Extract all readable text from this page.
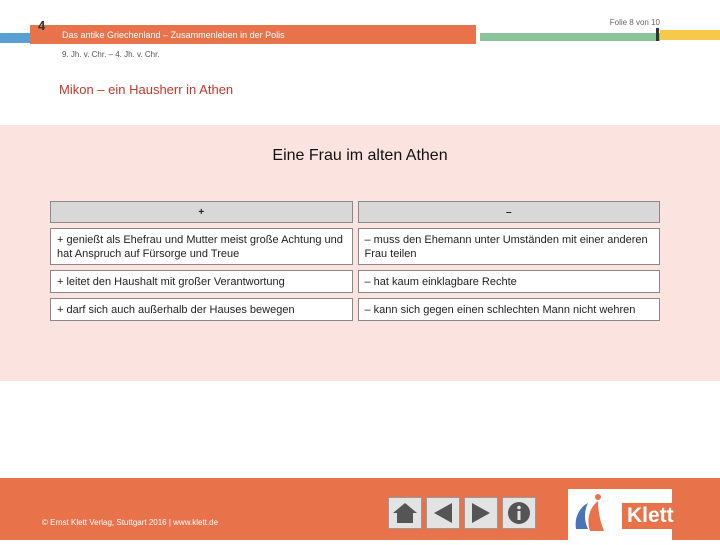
4	Folie 8 von 10
Das antike Griechenland – Zusammenleben in der Polis
9. Jh. v. Chr. – 4. Jh. v. Chr.
Mikon – ein Hausherr in Athen
Eine Frau im alten Athen
+	–
+ genießt als Ehefrau und Mutter meist große Achtung und hat Anspruch auf Fürsorge und Treue	– muss den Ehemann unter Umständen mit einer anderen Frau teilen
+ leitet den Haushalt mit großer Verantwortung	– hat kaum einklagbare Rechte
+ darf sich auch außerhalb der Hauses bewegen	– kann sich gegen einen schlechten Mann nicht wehren
© Ernst Klett Verlag, Stuttgart 2016 | www.klett.de	Klett
